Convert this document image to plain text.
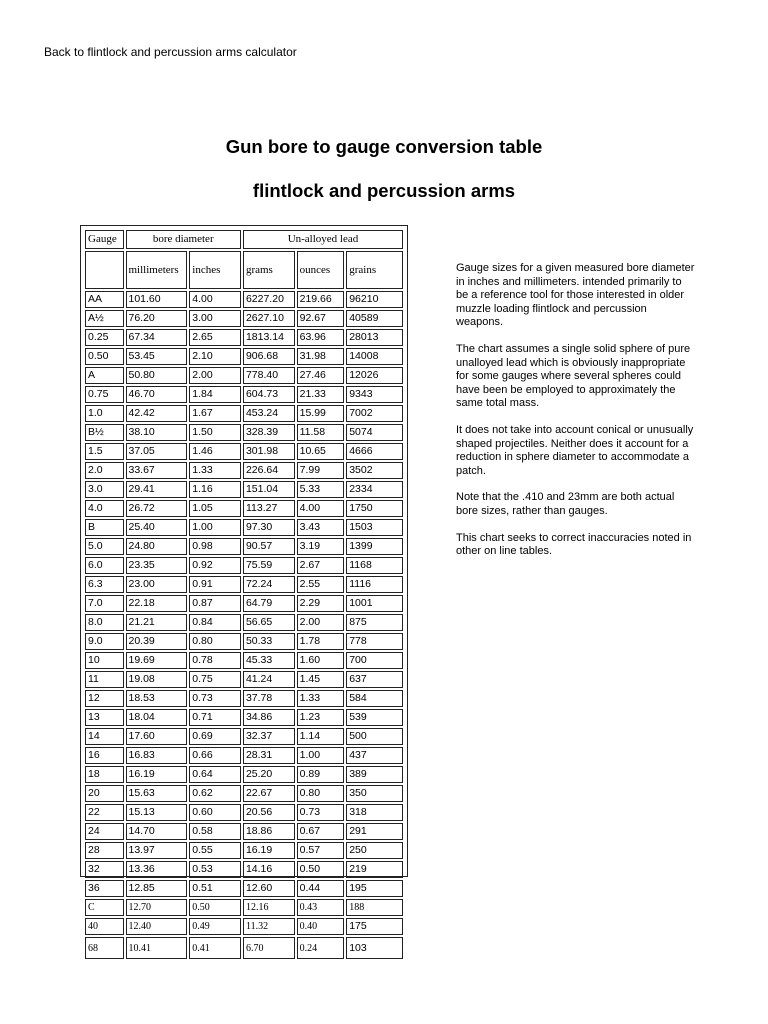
Back to flintlock and percussion arms calculator
Gun bore to gauge conversion table
flintlock and percussion arms
Gauge	bore diameter		Un-alloyed lead		
	millimeters	inches	grams	ounces	grains
AA	101.60	4.00	6227.20	219.66	96210
A½	76.20	3.00	2627.10	92.67	40589
0.25	67.34	2.65	1813.14	63.96	28013
0.50	53.45	2.10	906.68	31.98	14008
A	50.80	2.00	778.40	27.46	12026
0.75	46.70	1.84	604.73	21.33	9343
1.0	42.42	1.67	453.24	15.99	7002
B½	38.10	1.50	328.39	11.58	5074
1.5	37.05	1.46	301.98	10.65	4666
2.0	33.67	1.33	226.64	7.99	3502
3.0	29.41	1.16	151.04	5.33	2334
4.0	26.72	1.05	113.27	4.00	1750
B	25.40	1.00	97.30	3.43	1503
5.0	24.80	0.98	90.57	3.19	1399
6.0	23.35	0.92	75.59	2.67	1168
6.3	23.00	0.91	72.24	2.55	1116
7.0	22.18	0.87	64.79	2.29	1001
8.0	21.21	0.84	56.65	2.00	875
9.0	20.39	0.80	50.33	1.78	778
10	19.69	0.78	45.33	1.60	700
11	19.08	0.75	41.24	1.45	637
12	18.53	0.73	37.78	1.33	584
13	18.04	0.71	34.86	1.23	539
14	17.60	0.69	32.37	1.14	500
16	16.83	0.66	28.31	1.00	437
18	16.19	0.64	25.20	0.89	389
20	15.63	0.62	22.67	0.80	350
22	15.13	0.60	20.56	0.73	318
24	14.70	0.58	18.86	0.67	291
28	13.97	0.55	16.19	0.57	250
32	13.36	0.53	14.16	0.50	219
36	12.85	0.51	12.60	0.44	195
C	12.70	0.50	12.16	0.43	188
40	12.40	0.49	11.32	0.40	175
68	10.41	0.41	6.70	0.24	103

Gauge sizes for a given measured bore diameter in inches and millimeters. intended primarily to be a reference tool for those interested in older muzzle loading flintlock and percussion weapons.

The chart assumes a single solid sphere of pure unalloyed lead which is obviously inappropriate for some gauges where several spheres could have been be employed to approximately the same total mass.

It does not take into account conical or unusually shaped projectiles. Neither does it account for a reduction in sphere diameter to accommodate a patch.

Note that the .410 and 23mm are both actual bore sizes, rather than gauges.

This chart seeks to correct inaccuracies noted in other on line tables.
